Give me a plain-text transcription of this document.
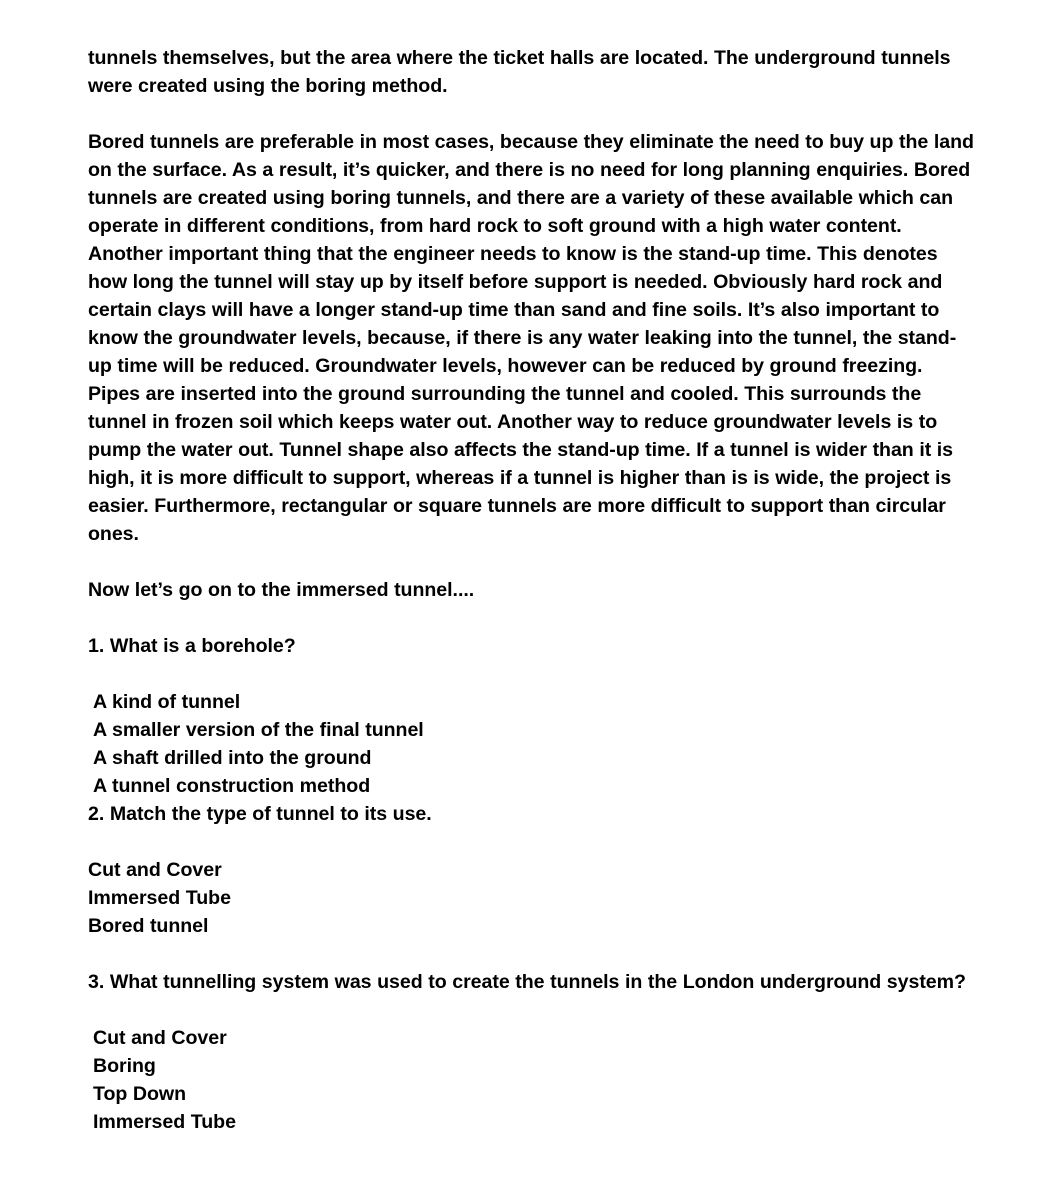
tunnels themselves, but the area where the ticket halls are located. The underground tunnels were created using the boring method.

Bored tunnels are preferable in most cases, because they eliminate the need to buy up the land on the surface. As a result, it’s quicker, and there is no need for long planning enquiries. Bored tunnels are created using boring tunnels, and there are a variety of these available which can operate in different conditions, from hard rock to soft ground with a high water content. Another important thing that the engineer needs to know is the stand-up time. This denotes how long the tunnel will stay up by itself before support is needed. Obviously hard rock and certain clays will have a longer stand-up time than sand and fine soils. It’s also important to know the groundwater levels, because, if there is any water leaking into the tunnel, the stand-up time will be reduced. Groundwater levels, however can be reduced by ground freezing. Pipes are inserted into the ground surrounding the tunnel and cooled. This surrounds the tunnel in frozen soil which keeps water out. Another way to reduce groundwater levels is to pump the water out. Tunnel shape also affects the stand-up time. If a tunnel is wider than it is high, it is more difficult to support, whereas if a tunnel is higher than is is wide, the project is easier. Furthermore, rectangular or square tunnels are more difficult to support than circular ones.

Now let’s go on to the immersed tunnel....

1. What is a borehole?

A kind of tunnel

A smaller version of the final tunnel

A shaft drilled into the ground

A tunnel construction method

2. Match the type of tunnel to its use.

Cut and Cover

Immersed Tube

Bored tunnel

3. What tunnelling system was used to create the tunnels in the London underground system?

Cut and Cover

Boring

Top Down

Immersed Tube
